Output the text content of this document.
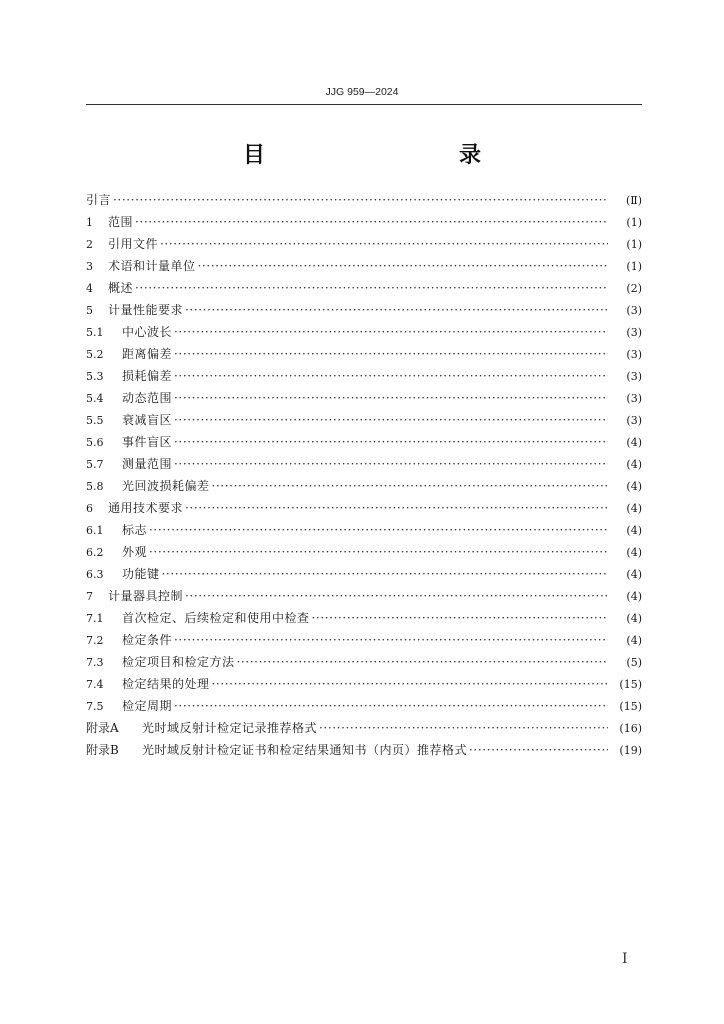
JJG 959—2024
目　　录
引言 ·····	(Ⅱ)
1	范围 ·····	(1)
2	引用文件 ·····	(1)
3	术语和计量单位 ·····	(1)
4	概述 ·····	(2)
5	计量性能要求 ·····	(3)
5.1	中心波长 ·····	(3)
5.2	距离偏差 ·····	(3)
5.3	损耗偏差 ·····	(3)
5.4	动态范围 ·····	(3)
5.5	衰减盲区 ·····	(3)
5.6	事件盲区 ·····	(4)
5.7	测量范围 ·····	(4)
5.8	光回波损耗偏差 ·····	(4)
6	通用技术要求 ·····	(4)
6.1	标志 ·····	(4)
6.2	外观 ·····	(4)
6.3	功能键 ·····	(4)
7	计量器具控制 ·····	(4)
7.1	首次检定、后续检定和使用中检查 ·····	(4)
7.2	检定条件 ·····	(4)
7.3	检定项目和检定方法 ·····	(5)
7.4	检定结果的处理 ·····	(15)
7.5	检定周期 ·····	(15)
附录A	光时域反射计检定记录推荐格式 ·····	(16)
附录B	光时域反射计检定证书和检定结果通知书（内页）推荐格式 ·····	(19)
I
